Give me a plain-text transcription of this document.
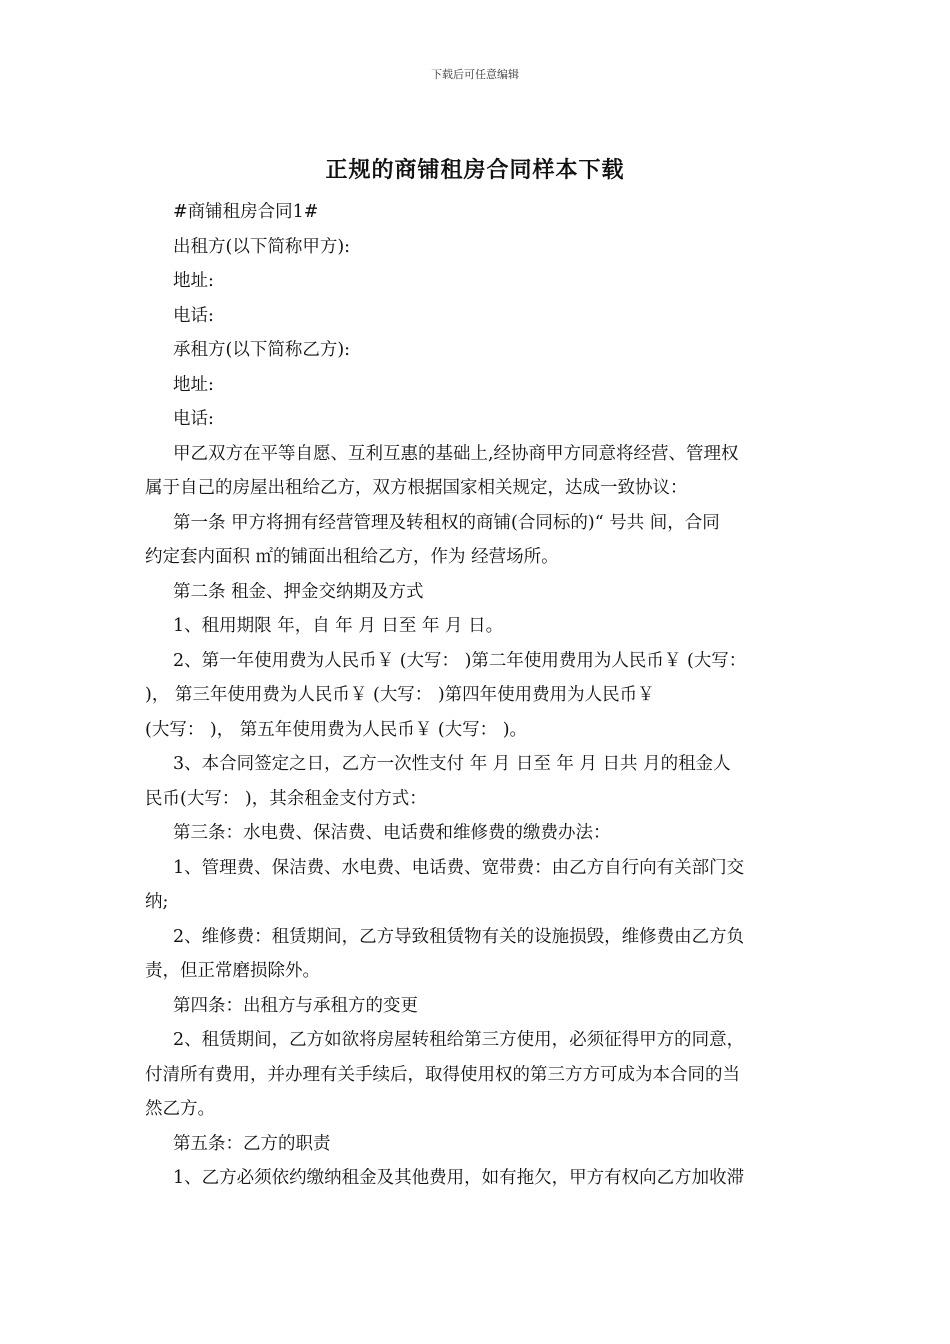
下载后可任意编辑
正规的商铺租房合同样本下载
#商铺租房合同1#
出租方(以下简称甲方):
地址:
电话:
承租方(以下简称乙方):
地址:
电话:
甲乙双方在平等自愿、互利互惠的基础上,经协商甲方同意将经营、管理权
属于自己的房屋出租给乙方，双方根据国家相关规定，达成一致协议：
第一条 甲方将拥有经营管理及转租权的商铺(合同标的)“ 号共 间，合同
约定套内面积 ㎡的铺面出租给乙方，作为 经营场所。
第二条 租金、押金交纳期及方式
1、租用期限 年，自 年 月 日至 年 月 日。
2、第一年使用费为人民币￥ (大写： )第二年使用费用为人民币￥ (大写：
)， 第三年使用费为人民币￥ (大写： )第四年使用费用为人民币￥
(大写： )， 第五年使用费为人民币￥ (大写： )。
3、本合同签定之日，乙方一次性支付 年 月 日至 年 月 日共 月的租金人
民币(大写： )，其余租金支付方式：
第三条：水电费、保洁费、电话费和维修费的缴费办法：
1、管理费、保洁费、水电费、电话费、宽带费：由乙方自行向有关部门交
纳;
2、维修费：租赁期间，乙方导致租赁物有关的设施损毁，维修费由乙方负
责，但正常磨损除外。
第四条：出租方与承租方的变更
2、租赁期间，乙方如欲将房屋转租给第三方使用，必须征得甲方的同意，
付清所有费用，并办理有关手续后，取得使用权的第三方方可成为本合同的当
然乙方。
第五条：乙方的职责
1、乙方必须依约缴纳租金及其他费用，如有拖欠，甲方有权向乙方加收滞
